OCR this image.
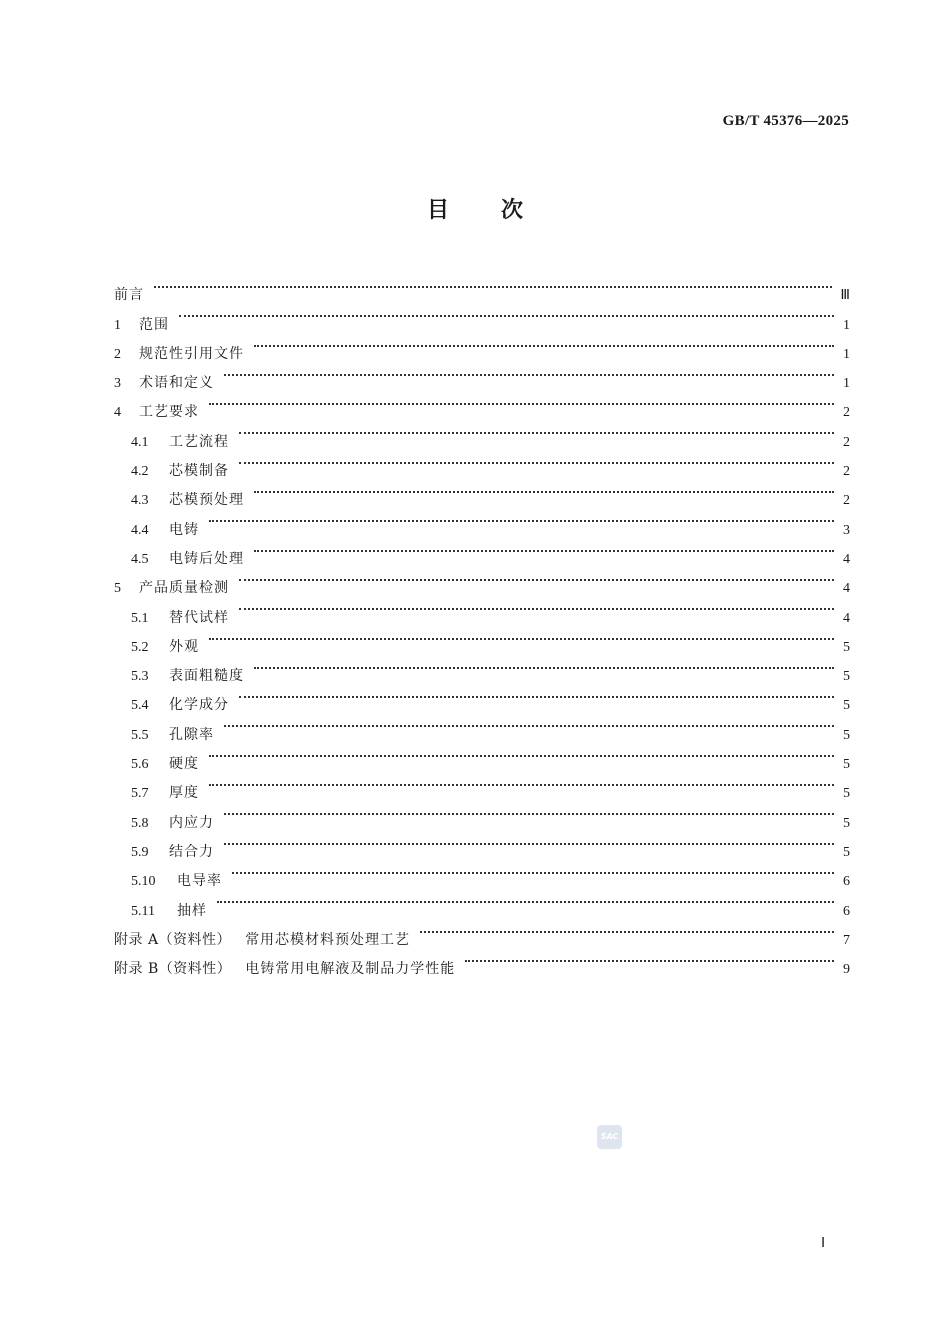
GB/T 45376—2025
目 次
前言	Ⅲ
1	范围	1
2	规范性引用文件	1
3	术语和定义	1
4	工艺要求	2
4.1	工艺流程	2
4.2	芯模制备	2
4.3	芯模预处理	2
4.4	电铸	3
4.5	电铸后处理	4
5	产品质量检测	4
5.1	替代试样	4
5.2	外观	5
5.3	表面粗糙度	5
5.4	化学成分	5
5.5	孔隙率	5
5.6	硬度	5
5.7	厚度	5
5.8	内应力	5
5.9	结合力	5
5.10	电导率	6
5.11	抽样	6
附录 A（资料性） 常用芯模材料预处理工艺	7
附录 B（资料性） 电铸常用电解液及制品力学性能	9
SAC
Ⅰ
